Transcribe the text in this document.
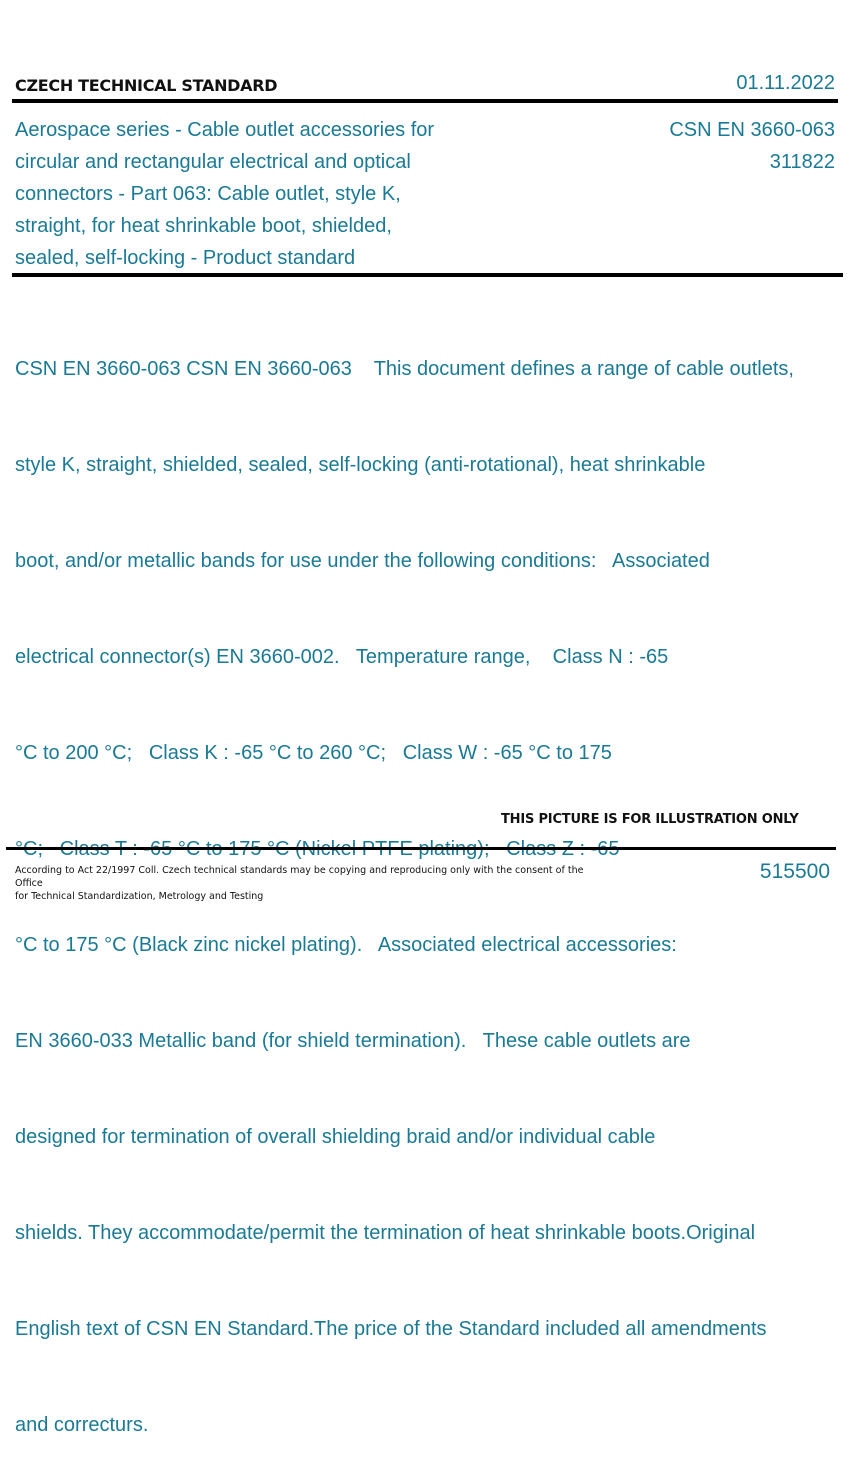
CZECH TECHNICAL STANDARD	01.11.2022
Aerospace series - Cable outlet accessories for
circular and rectangular electrical and optical
connectors - Part 063: Cable outlet, style K,
straight, for heat shrinkable boot, shielded,
sealed, self-locking - Product standard
CSN EN 3660-063
311822

CSN EN 3660-063 CSN EN 3660-063    This document defines a range of cable outlets,

style K, straight, shielded, sealed, self-locking (anti-rotational), heat shrinkable

boot, and/or metallic bands for use under the following conditions:   Associated

electrical connector(s) EN 3660-002.   Temperature range,    Class N : -65

°C to 200 °C;   Class K : -65 °C to 260 °C;   Class W : -65 °C to 175

°C to 175 °C (Black zinc nickel plating).   Associated electrical accessories:

EN 3660-033 Metallic band (for shield termination).   These cable outlets are

designed for termination of overall shielding braid and/or individual cable

shields. They accommodate/permit the termination of heat shrinkable boots.Original

English text of CSN EN Standard.The price of the Standard included all amendments

and correcturs.

THIS PICTURE IS FOR ILLUSTRATION ONLY
According to Act 22/1997 Coll. Czech technical standards may be copying and reproducing only with the consent of the Office
for Technical Standardization, Metrology and Testing
515500
